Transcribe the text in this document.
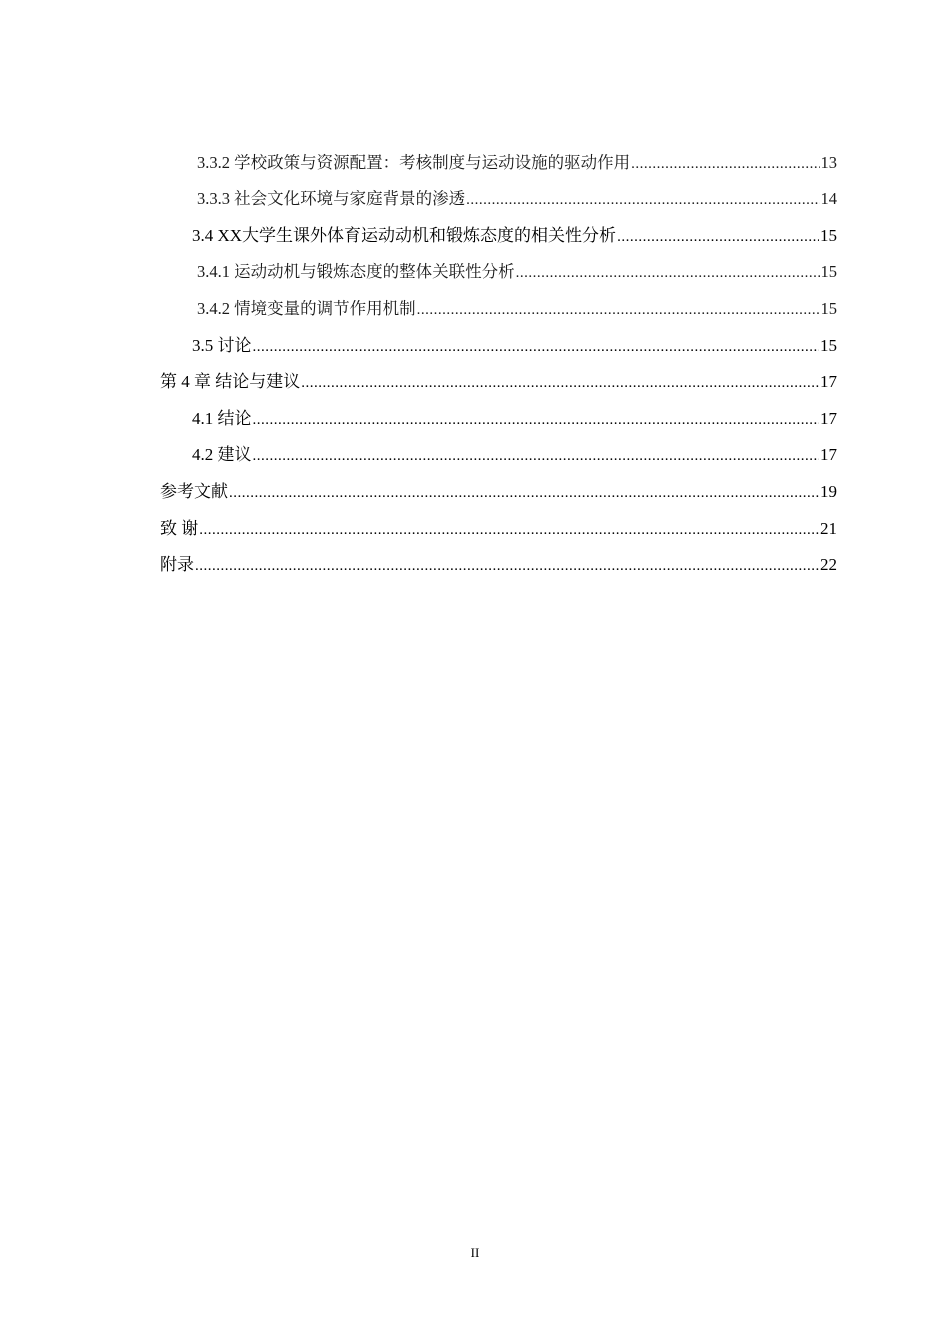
3.3.2 学校政策与资源配置：考核制度与运动设施的驱动作用 .....	13
3.3.3 社会文化环境与家庭背景的渗透 .....	14
3.4 XX大学生课外体育运动动机和锻炼态度的相关性分析 .....	15
3.4.1 运动动机与锻炼态度的整体关联性分析 .....	15
3.4.2 情境变量的调节作用机制 .....	15
3.5 讨论 .....	15
第 4 章 结论与建议 .....	17
4.1 结论 .....	17
4.2 建议 .....	17
参考文献 .....	19
致 谢 .....	21
附录 .....	22
II
